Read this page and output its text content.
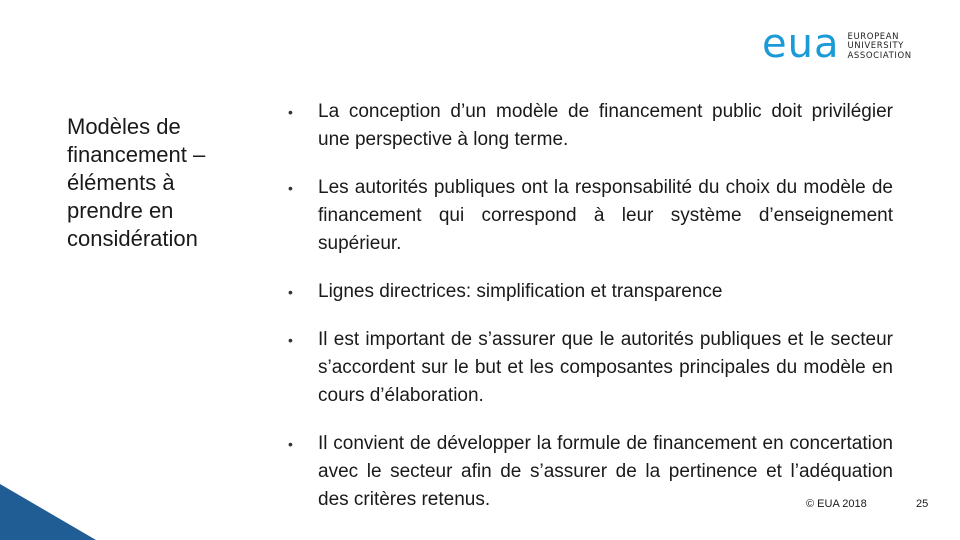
eua EUROPEAN
UNIVERSITY
ASSOCIATION
Modèles de
financement –
éléments à
prendre en
considération
• La conception d’un modèle de financement public doit privilégier une perspective à long terme.
• Les autorités publiques ont la responsabilité du choix du modèle de financement qui correspond à leur système d’enseignement supérieur.
• Lignes directrices: simplification et transparence
• Il est important de s’assurer que le autorités publiques et le secteur s’accordent sur le but et les composantes principales du modèle en cours d’élaboration.
• Il convient de développer la formule de financement en concertation avec le secteur afin de s’assurer de la pertinence et l’adéquation des critères retenus.	© EUA 2018	25
